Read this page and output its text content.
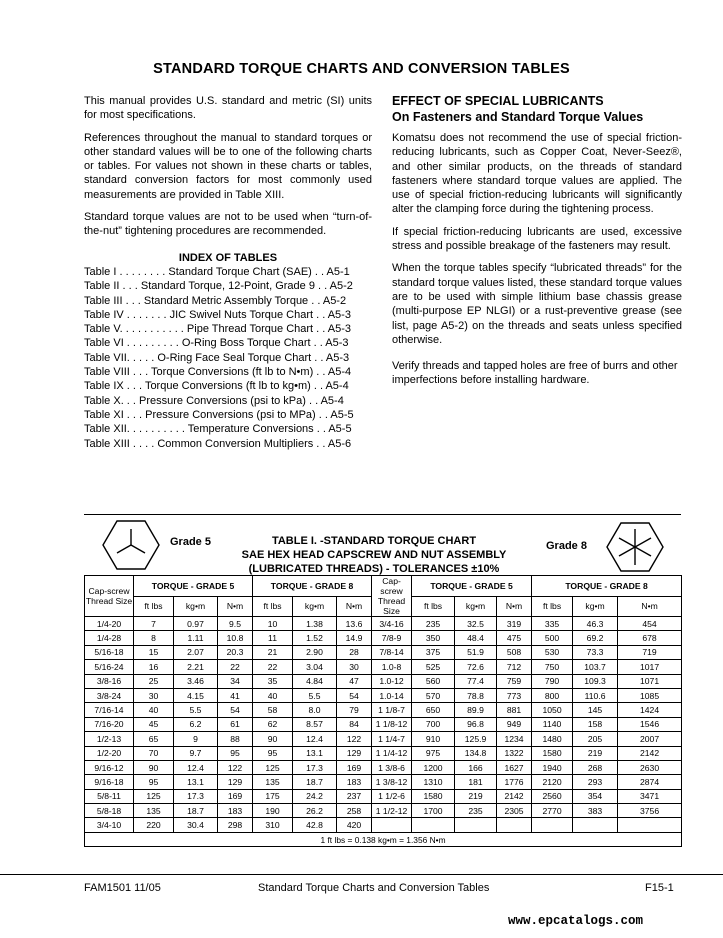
STANDARD TORQUE CHARTS AND CONVERSION TABLES

This manual provides U.S. standard and metric (SI) units for most specifications.

References throughout the manual to standard torques or other standard values will be to one of the following charts or tables. For values not shown in these charts or tables, standard conversion factors for most commonly used measurements are provided in Table XIII.

Standard torque values are not to be used when “turn-of-the-nut” tightening procedures are recommended.

INDEX OF TABLES
Table I . . . . . . . . Standard Torque Chart (SAE) . . A5-1
Table II . . . Standard Torque, 12-Point, Grade 9 . . A5-2
Table III . . . Standard Metric Assembly Torque . . A5-2
Table IV . . . . . . . JIC Swivel Nuts Torque Chart . . A5-3
Table V. . . . . . . . . . . Pipe Thread Torque Chart . . A5-3
Table VI . . . . . . . . . O-Ring Boss Torque Chart . . A5-3
Table VII. . . . . O-Ring Face Seal Torque Chart . . A5-3
Table VIII . . . Torque Conversions (ft lb to N•m) . . A5-4
Table IX . . . Torque Conversions (ft lb to kg•m) . . A5-4
Table X. . . Pressure Conversions (psi to kPa) . . A5-4
Table XI . . . Pressure Conversions (psi to MPa) . . A5-5
Table XII. . . . . . . . . . Temperature Conversions . . A5-5
Table XIII . . . . Common Conversion Multipliers . . A5-6
EFFECT OF SPECIAL LUBRICANTS
On Fasteners and Standard Torque Values

Komatsu does not recommend the use of special friction-reducing lubricants, such as Copper Coat, Never-Seez®, and other similar products, on the threads of standard fasteners where standard torque values are applied. The use of special friction-reducing lubricants will significantly alter the clamping force during the tightening process.

If special friction-reducing lubricants are used, excessive stress and possible breakage of the fasteners may result.

When the torque tables specify “lubricated threads” for the standard torque values listed, these standard torque values are to be used with simple lithium base chassis grease (multi-purpose EP NLGI) or a rust-preventive grease (see list, page A5-2) on the threads and seats unless specified otherwise.

Verify threads and tapped holes are free of burrs and other imperfections before installing hardware.

Grade 5	TABLE I. -STANDARD TORQUE CHART
SAE HEX HEAD CAPSCREW AND NUT ASSEMBLY
(LUBRICATED THREADS) - TOLERANCES ±10%
Grade 8
Cap-screw Thread Size	TORQUE - GRADE 5			TORQUE - GRADE 8			Cap-screw Thread Size	TORQUE - GRADE 5			TORQUE - GRADE 8		
	ft lbs	kg•m	N•m	ft lbs	kg•m	N•m		ft lbs	kg•m	N•m	ft lbs	kg•m	N•m
1/4-20	7	0.97	9.5	10	1.38	13.6	3/4-16	235	32.5	319	335	46.3	454
1/4-28	8	1.11	10.8	11	1.52	14.9	7/8-9	350	48.4	475	500	69.2	678
5/16-18	15	2.07	20.3	21	2.90	28	7/8-14	375	51.9	508	530	73.3	719
5/16-24	16	2.21	22	22	3.04	30	1.0-8	525	72.6	712	750	103.7	1017
3/8-16	25	3.46	34	35	4.84	47	1.0-12	560	77.4	759	790	109.3	1071
3/8-24	30	4.15	41	40	5.5	54	1.0-14	570	78.8	773	800	110.6	1085
7/16-14	40	5.5	54	58	8.0	79	1 1/8-7	650	89.9	881	1050	145	1424
7/16-20	45	6.2	61	62	8.57	84	1 1/8-12	700	96.8	949	1140	158	1546
1/2-13	65	9	88	90	12.4	122	1 1/4-7	910	125.9	1234	1480	205	2007
1/2-20	70	9.7	95	95	13.1	129	1 1/4-12	975	134.8	1322	1580	219	2142
9/16-12	90	12.4	122	125	17.3	169	1 3/8-6	1200	166	1627	1940	268	2630
9/16-18	95	13.1	129	135	18.7	183	1 3/8-12	1310	181	1776	2120	293	2874
5/8-11	125	17.3	169	175	24.2	237	1 1/2-6	1580	219	2142	2560	354	3471
5/8-18	135	18.7	183	190	26.2	258	1 1/2-12	1700	235	2305	2770	383	3756
3/4-10	220	30.4	298	310	42.8	420							
1 ft lbs = 0.138 kg•m = 1.356 N•m													
FAM1501 11/05	Standard Torque Charts and Conversion Tables	F15-1
www.epcatalogs.com
